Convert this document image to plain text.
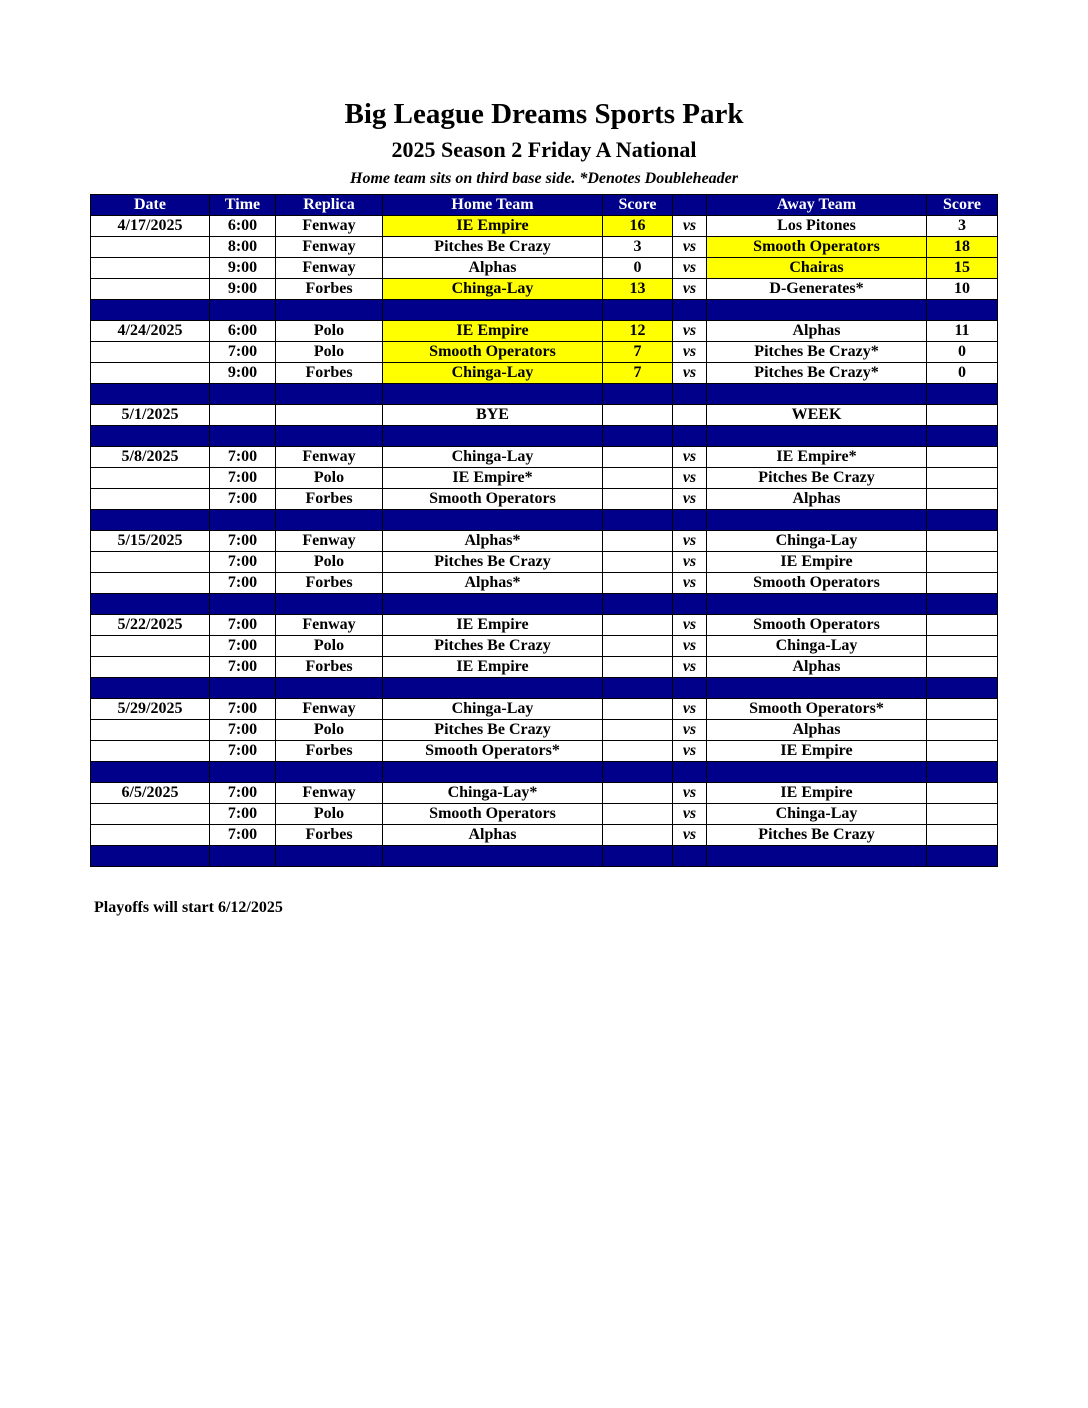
Big League Dreams Sports Park
2025 Season 2 Friday A National
Home team sits on third base side. *Denotes Doubleheader
Date	Time	Replica	Home Team	Score		Away Team	Score
4/17/2025	6:00	Fenway	IE Empire	16	vs	Los Pitones	3
	8:00	Fenway	Pitches Be Crazy	3	vs	Smooth Operators	18
	9:00	Fenway	Alphas	0	vs	Chairas	15
	9:00	Forbes	Chinga-Lay	13	vs	D-Generates*	10

4/24/2025	6:00	Polo	IE Empire	12	vs	Alphas	11
	7:00	Polo	Smooth Operators	7	vs	Pitches Be Crazy*	0
	9:00	Forbes	Chinga-Lay	7	vs	Pitches Be Crazy*	0

5/1/2025			BYE			WEEK	

5/8/2025	7:00	Fenway	Chinga-Lay		vs	IE Empire*	
	7:00	Polo	IE Empire*		vs	Pitches Be Crazy	
	7:00	Forbes	Smooth Operators		vs	Alphas	

5/15/2025	7:00	Fenway	Alphas*		vs	Chinga-Lay	
	7:00	Polo	Pitches Be Crazy		vs	IE Empire	
	7:00	Forbes	Alphas*		vs	Smooth Operators	

5/22/2025	7:00	Fenway	IE Empire		vs	Smooth Operators	
	7:00	Polo	Pitches Be Crazy		vs	Chinga-Lay	
	7:00	Forbes	IE Empire		vs	Alphas	

5/29/2025	7:00	Fenway	Chinga-Lay		vs	Smooth Operators*	
	7:00	Polo	Pitches Be Crazy		vs	Alphas	
	7:00	Forbes	Smooth Operators*		vs	IE Empire	

6/5/2025	7:00	Fenway	Chinga-Lay*		vs	IE Empire	
	7:00	Polo	Smooth Operators		vs	Chinga-Lay	
	7:00	Forbes	Alphas		vs	Pitches Be Crazy	

Playoffs will start 6/12/2025
